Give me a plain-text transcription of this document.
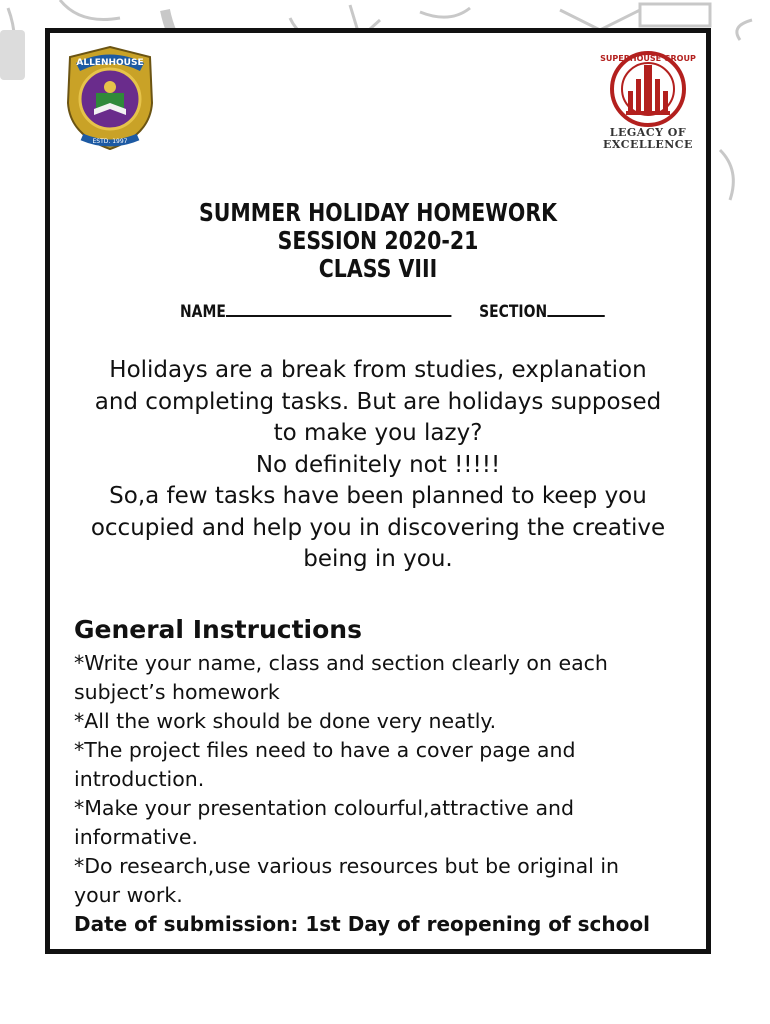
ALLENHOUSE
ESTD. 1997
SUPERHOUSE GROUP
LEGACY OF
EXCELLENCE
SUMMER HOLIDAY HOMEWORK
SESSION 2020-21
CLASS VIII
NAME	SECTION
Holidays are a break from studies, explanation
and completing tasks. But are holidays supposed
to make you lazy?
No definitely not !!!!!
So,a few tasks have been planned to keep you
occupied and help you in discovering the creative
being in you.
General Instructions
*Write your name, class and section clearly on each
subject’s homework
*All the work should be done very neatly.
*The project files need to have a cover page and
introduction.
*Make your presentation colourful,attractive and
informative.
*Do research,use various resources but be original in
your work.
Date of submission: 1st Day of reopening of school
